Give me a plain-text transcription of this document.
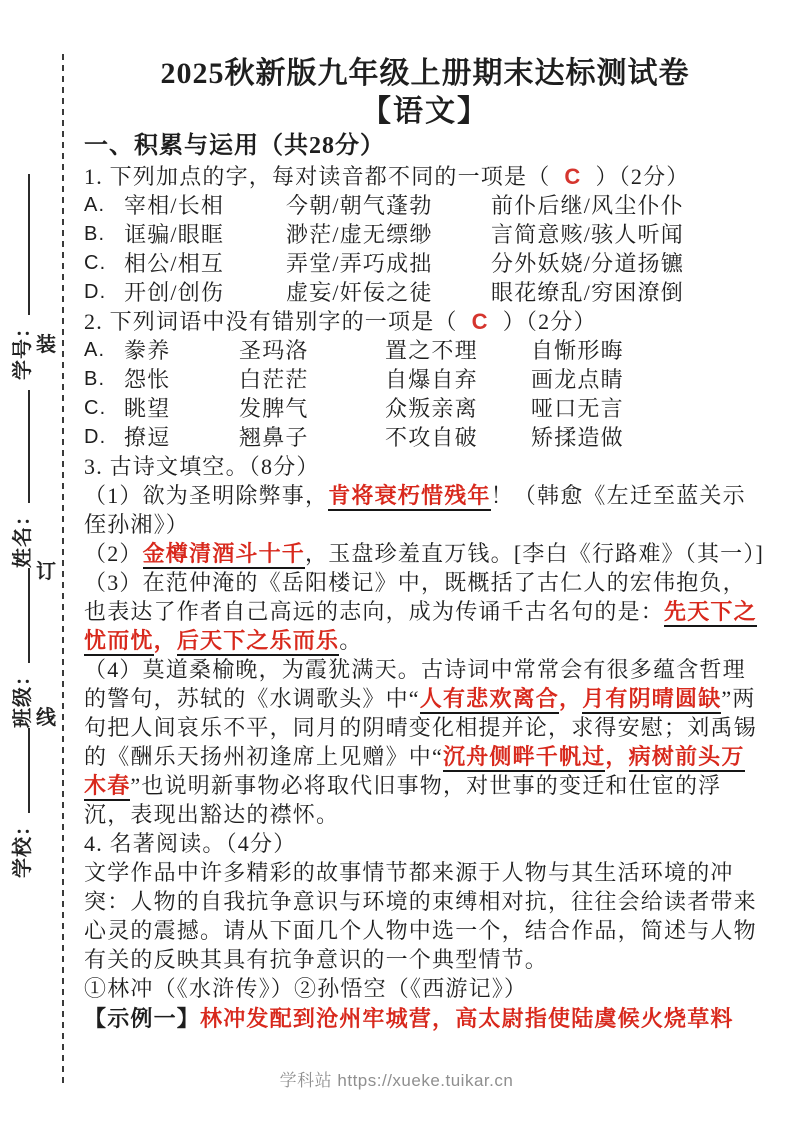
装
订
线
学号：
姓名：
班级：
学校：
2025秋新版九年级上册期末达标测试卷
【语文】
一、积累与运用（共28分）
1. 下列加点的字，每对读音都不同的一项是（ C ）（2分）
A. 宰相/长相	今朝/朝气蓬勃	前仆后继/风尘仆仆
B. 诓骗/眼眶	渺茫/虚无缥缈	言简意赅/骇人听闻
C. 相公/相互	弄堂/弄巧成拙	分外妖娆/分道扬镳
D. 开创/创伤	虚妄/奸佞之徒	眼花缭乱/穷困潦倒
2. 下列词语中没有错别字的一项是（ C ）（2分）
A. 豢养	圣玛洛	置之不理	自惭形晦
B. 怨怅	白茫茫	自爆自弃	画龙点睛
C. 眺望	发脾气	众叛亲离	哑口无言
D. 撩逗	翘鼻子	不攻自破	矫揉造做
3. 古诗文填空。（8分）
（1）欲为圣明除弊事，肯将衰朽惜残年！（韩愈《左迁至蓝关示侄孙湘》）
（2）金樽清酒斗十千，玉盘珍羞直万钱。[李白《行路难》（其一）]
（3）在范仲淹的《岳阳楼记》中，既概括了古仁人的宏伟抱负，也表达了作者自己高远的志向，成为传诵千古名句的是：先天下之忧而忧，后天下之乐而乐。
（4）莫道桑榆晚，为霞犹满天。古诗词中常常会有很多蕴含哲理的警句，苏轼的《水调歌头》中“人有悲欢离合，月有阴晴圆缺”两句把人间哀乐不平，同月的阴晴变化相提并论，求得安慰；刘禹锡的《酬乐天扬州初逢席上见赠》中“沉舟侧畔千帆过，病树前头万木春”也说明新事物必将取代旧事物，对世事的变迁和仕宦的浮沉，表现出豁达的襟怀。
4. 名著阅读。（4分）
文学作品中许多精彩的故事情节都来源于人物与其生活环境的冲突：人物的自我抗争意识与环境的束缚相对抗，往往会给读者带来心灵的震撼。请从下面几个人物中选一个，结合作品，简述与人物有关的反映其具有抗争意识的一个典型情节。
①林冲（《水浒传》）②孙悟空（《西游记》）
【示例一】林冲发配到沧州牢城营，高太尉指使陆虞候火烧草料
学科站 https://xueke.tuikar.cn
